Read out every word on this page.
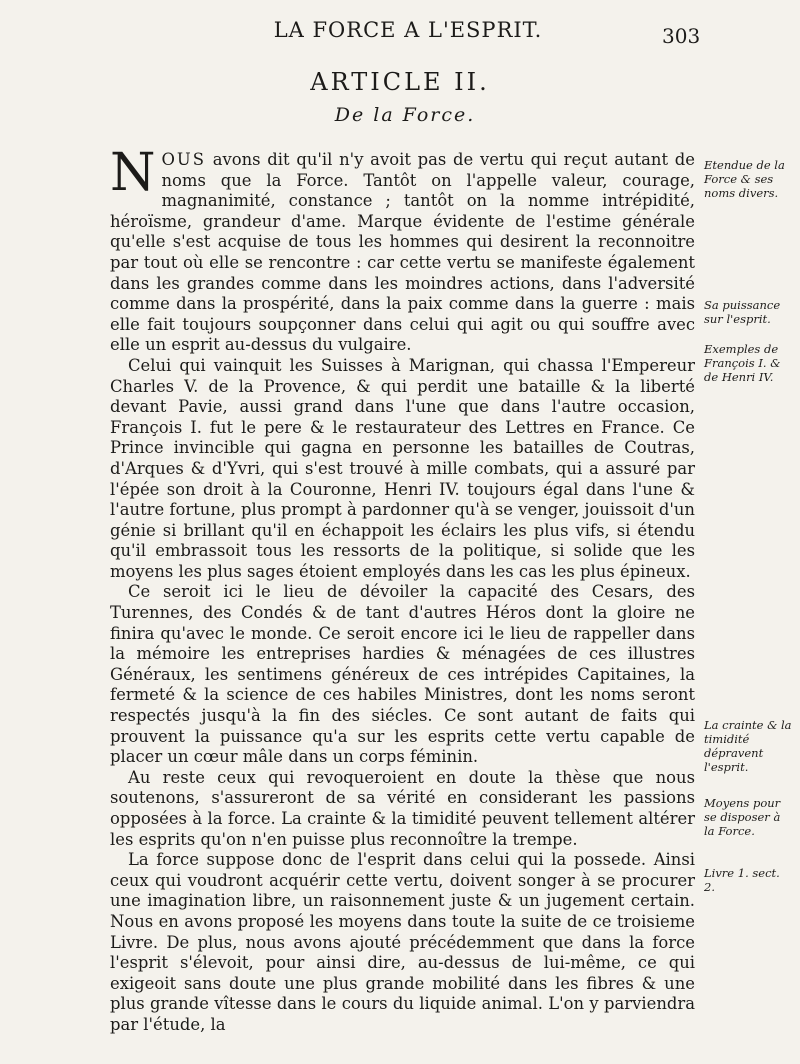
LA FORCE A L'ESPRIT.	303
ARTICLE II.
De la Force.

NOUS avons dit qu'il n'y avoit pas de vertu qui reçut autant de noms que la Force. Tantôt on l'appelle valeur, courage, magnanimité, constance ; tantôt on la nomme intrépidité, héroïsme, grandeur d'ame. Marque évidente de l'estime générale qu'elle s'est acquise de tous les hommes qui desirent la reconnoitre par tout où elle se rencontre : car cette vertu se manifeste également dans les grandes comme dans les moindres actions, dans l'adversité comme dans la prospérité, dans la paix comme dans la guerre : mais elle fait toujours soupçonner dans celui qui agit ou qui souffre avec elle un esprit au-dessus du vulgaire.

Celui qui vainquit les Suisses à Marignan, qui chassa l'Empereur Charles V. de la Provence, & qui perdit une bataille & la liberté devant Pavie, aussi grand dans l'une que dans l'autre occasion, François I. fut le pere & le restaurateur des Lettres en France. Ce Prince invincible qui gagna en personne les batailles de Coutras, d'Arques & d'Yvri, qui s'est trouvé à mille combats, qui a assuré par l'épée son droit à la Couronne, Henri IV. toujours égal dans l'une & l'autre fortune, plus prompt à pardonner qu'à se venger, jouissoit d'un génie si brillant qu'il en échappoit les éclairs les plus vifs, si étendu qu'il embrassoit tous les ressorts de la politique, si solide que les moyens les plus sages étoient employés dans les cas les plus épineux.

Ce seroit ici le lieu de dévoiler la capacité des Cesars, des Turennes, des Condés & de tant d'autres Héros dont la gloire ne finira qu'avec le monde. Ce seroit encore ici le lieu de rappeller dans la mémoire les entreprises hardies & ménagées de ces illustres Généraux, les sentimens généreux de ces intrépides Capitaines, la fermeté & la science de ces habiles Ministres, dont les noms seront respectés jusqu'à la fin des siécles. Ce sont autant de faits qui prouvent la puissance qu'a sur les esprits cette vertu capable de placer un cœur mâle dans un corps féminin.

Au reste ceux qui revoqueroient en doute la thèse que nous soutenons, s'assureront de sa vérité en considerant les passions opposées à la force. La crainte & la timidité peuvent tellement altérer les esprits qu'on n'en puisse plus reconnoître la trempe.

La force suppose donc de l'esprit dans celui qui la possede. Ainsi ceux qui voudront acquérir cette vertu, doivent songer à se procurer une imagination libre, un raisonnement juste & un jugement certain. Nous en avons proposé les moyens dans toute la suite de ce troisieme Livre. De plus, nous avons ajouté précédemment que dans la force l'esprit s'élevoit, pour ainsi dire, au-dessus de lui-même, ce qui exigeoit sans doute une plus grande mobilité dans les fibres & une plus grande vîtesse dans le cours du liquide animal. L'on y parviendra par l'étude, la

Etendue de la Force & ses noms divers.
Sa puissance sur l'esprit.
Exemples de François I. & de Henri IV.
La crainte & la timidité dépravent l'esprit.
Moyens pour se disposer à la Force.
Livre 1. sect. 2.
